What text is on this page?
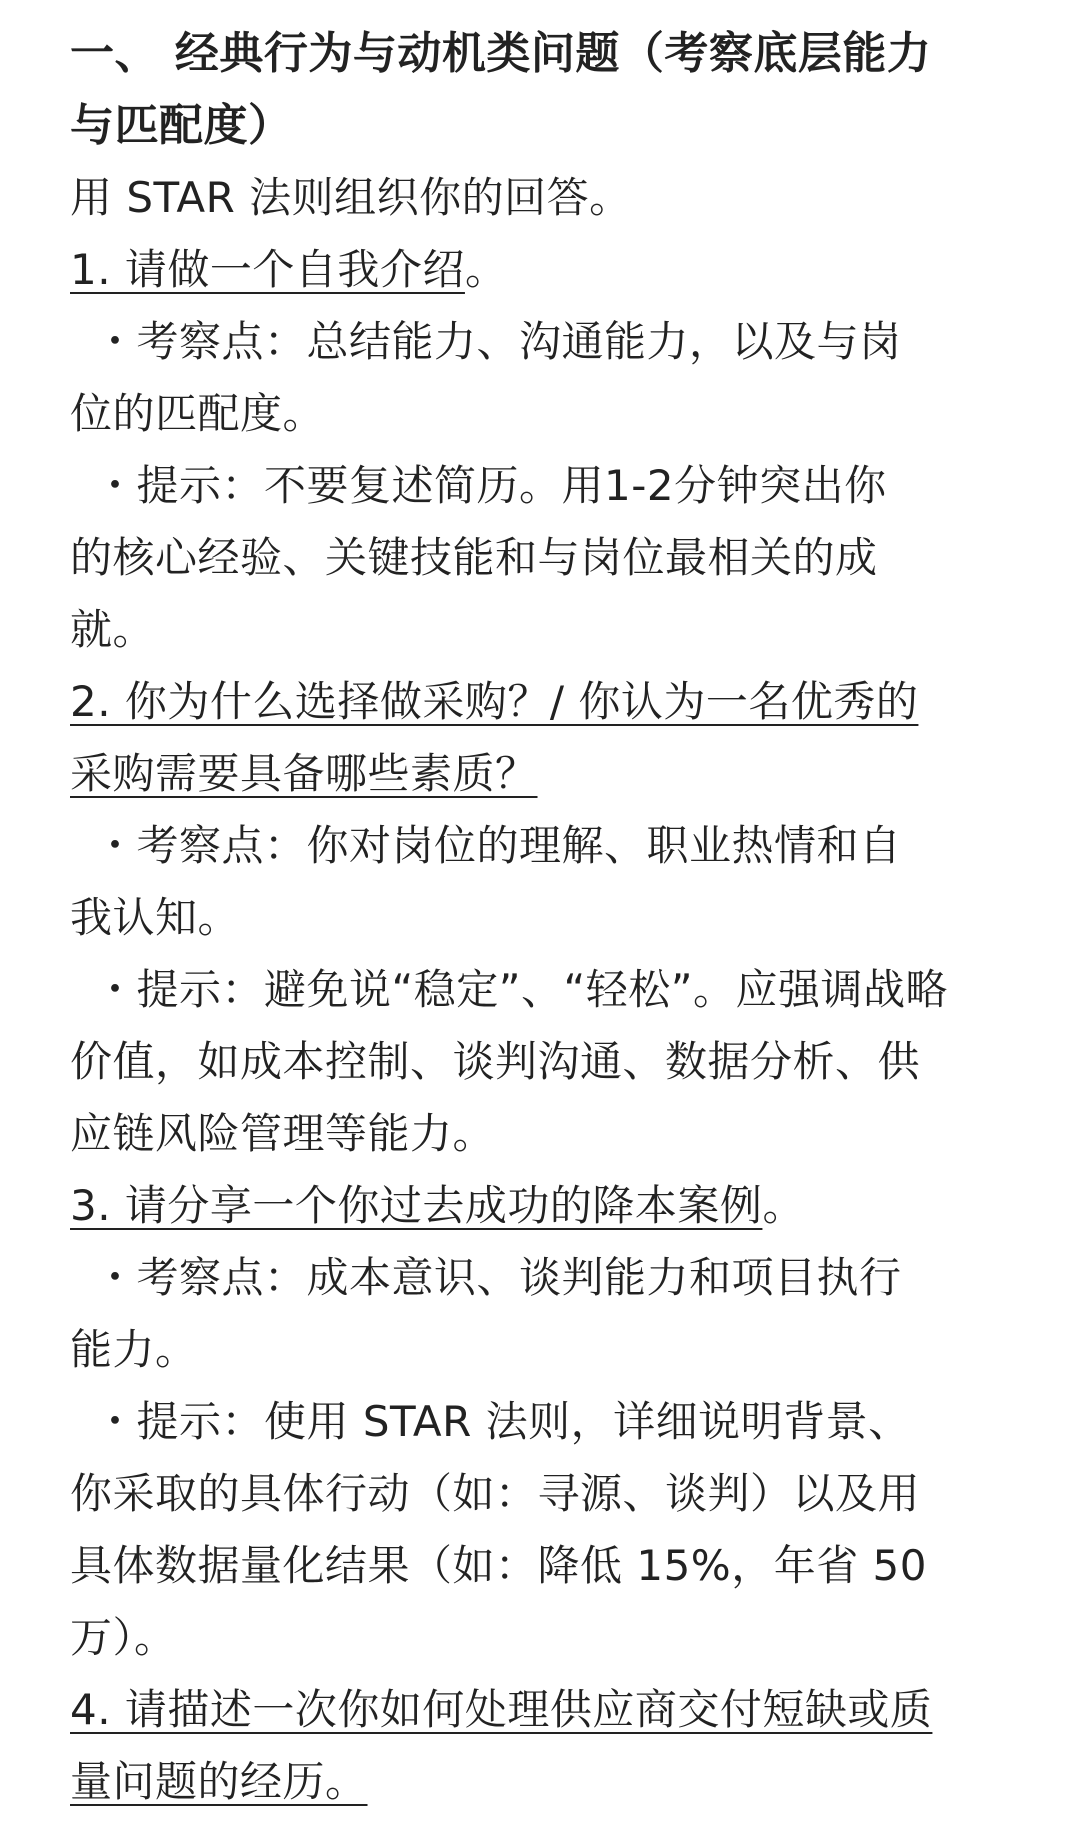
一、 经典行为与动机类问题（考察底层能力
与匹配度）
用 STAR 法则组织你的回答。
1. 请做一个自我介绍。
・考察点：总结能力、沟通能力，以及与岗
位的匹配度。
・提示：不要复述简历。用1-2分钟突出你
的核心经验、关键技能和与岗位最相关的成
就。
2. 你为什么选择做采购？/ 你认为一名优秀的
采购需要具备哪些素质？
・考察点：你对岗位的理解、职业热情和自
我认知。
・提示：避免说“稳定”、“轻松”。应强调战略
价值，如成本控制、谈判沟通、数据分析、供
应链风险管理等能力。
3. 请分享一个你过去成功的降本案例。
・考察点：成本意识、谈判能力和项目执行
能力。
・提示：使用 STAR 法则，详细说明背景、
你采取的具体行动（如：寻源、谈判）以及用
具体数据量化结果（如：降低 15%，年省 50
万）。
4. 请描述一次你如何处理供应商交付短缺或质
量问题的经历。
